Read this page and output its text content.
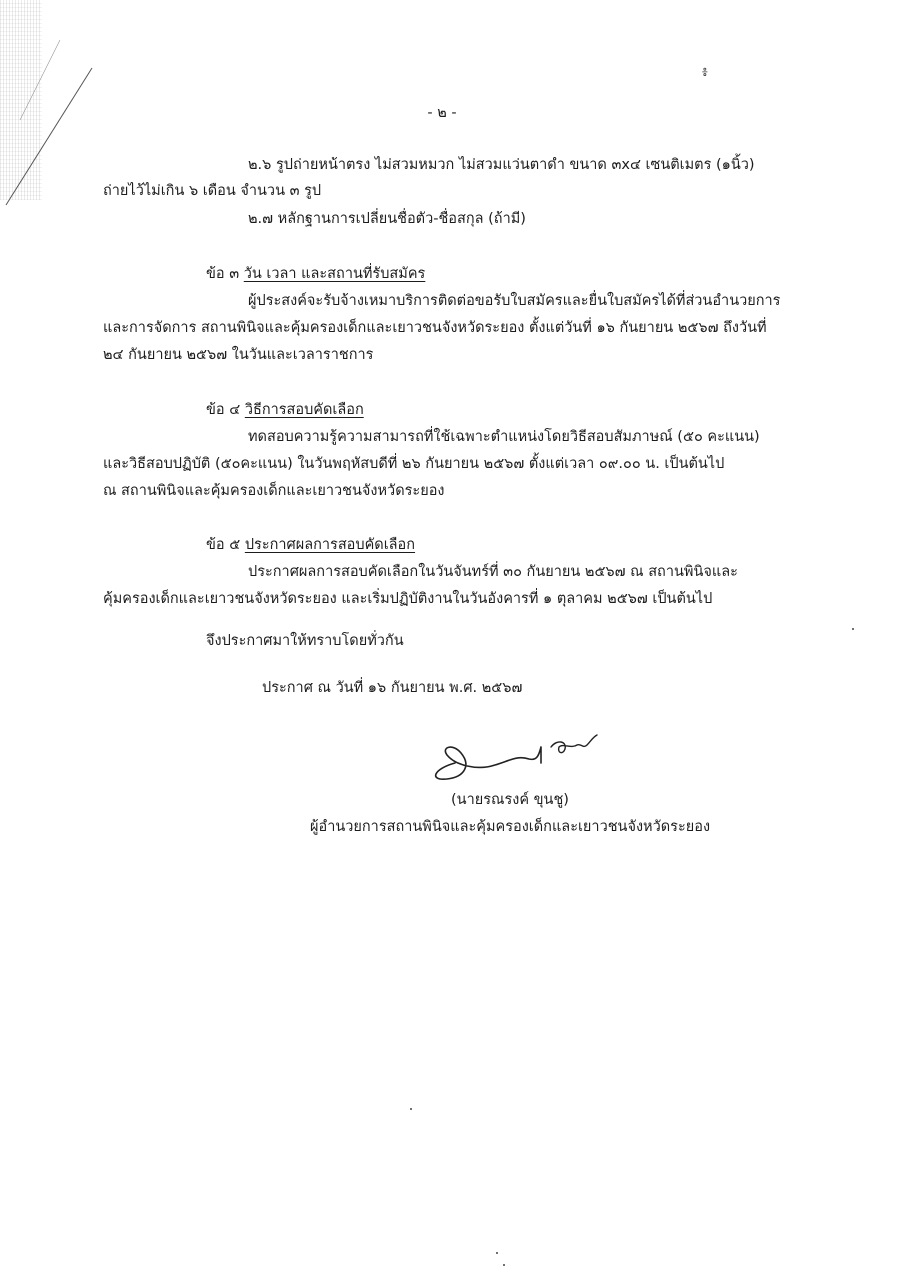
៖
- ๒ -
๒.๖ รูปถ่ายหน้าตรง ไม่สวมหมวก ไม่สวมแว่นตาดำ ขนาด ๓x๔ เซนติเมตร (๑นิ้ว)
ถ่ายไว้ไม่เกิน ๖ เดือน จำนวน ๓ รูป
๒.๗ หลักฐานการเปลี่ยนชื่อตัว-ชื่อสกุล (ถ้ามี)
ข้อ ๓ วัน เวลา และสถานที่รับสมัคร
ผู้ประสงค์จะรับจ้างเหมาบริการติดต่อขอรับใบสมัครและยื่นใบสมัครได้ที่ส่วนอำนวยการ
และการจัดการ สถานพินิจและคุ้มครองเด็กและเยาวชนจังหวัดระยอง ตั้งแต่วันที่ ๑๖ กันยายน ๒๕๖๗ ถึงวันที่
๒๔ กันยายน ๒๕๖๗ ในวันและเวลาราชการ
ข้อ ๔ วิธีการสอบคัดเลือก
ทดสอบความรู้ความสามารถที่ใช้เฉพาะตำแหน่งโดยวิธีสอบสัมภาษณ์ (๕๐ คะแนน)
และวิธีสอบปฏิบัติ (๕๐คะแนน) ในวันพฤหัสบดีที่ ๒๖ กันยายน ๒๕๖๗ ตั้งแต่เวลา ๐๙.๐๐ น. เป็นต้นไป
ณ สถานพินิจและคุ้มครองเด็กและเยาวชนจังหวัดระยอง
ข้อ ๕ ประกาศผลการสอบคัดเลือก
ประกาศผลการสอบคัดเลือกในวันจันทร์ที่ ๓๐ กันยายน ๒๕๖๗ ณ สถานพินิจและ
คุ้มครองเด็กและเยาวชนจังหวัดระยอง และเริ่มปฏิบัติงานในวันอังคารที่ ๑ ตุลาคม ๒๕๖๗ เป็นต้นไป
จึงประกาศมาให้ทราบโดยทั่วกัน
ประกาศ ณ วันที่ ๑๖ กันยายน พ.ศ. ๒๕๖๗
(นายรณรงค์ ขุนชู)
ผู้อำนวยการสถานพินิจและคุ้มครองเด็กและเยาวชนจังหวัดระยอง
